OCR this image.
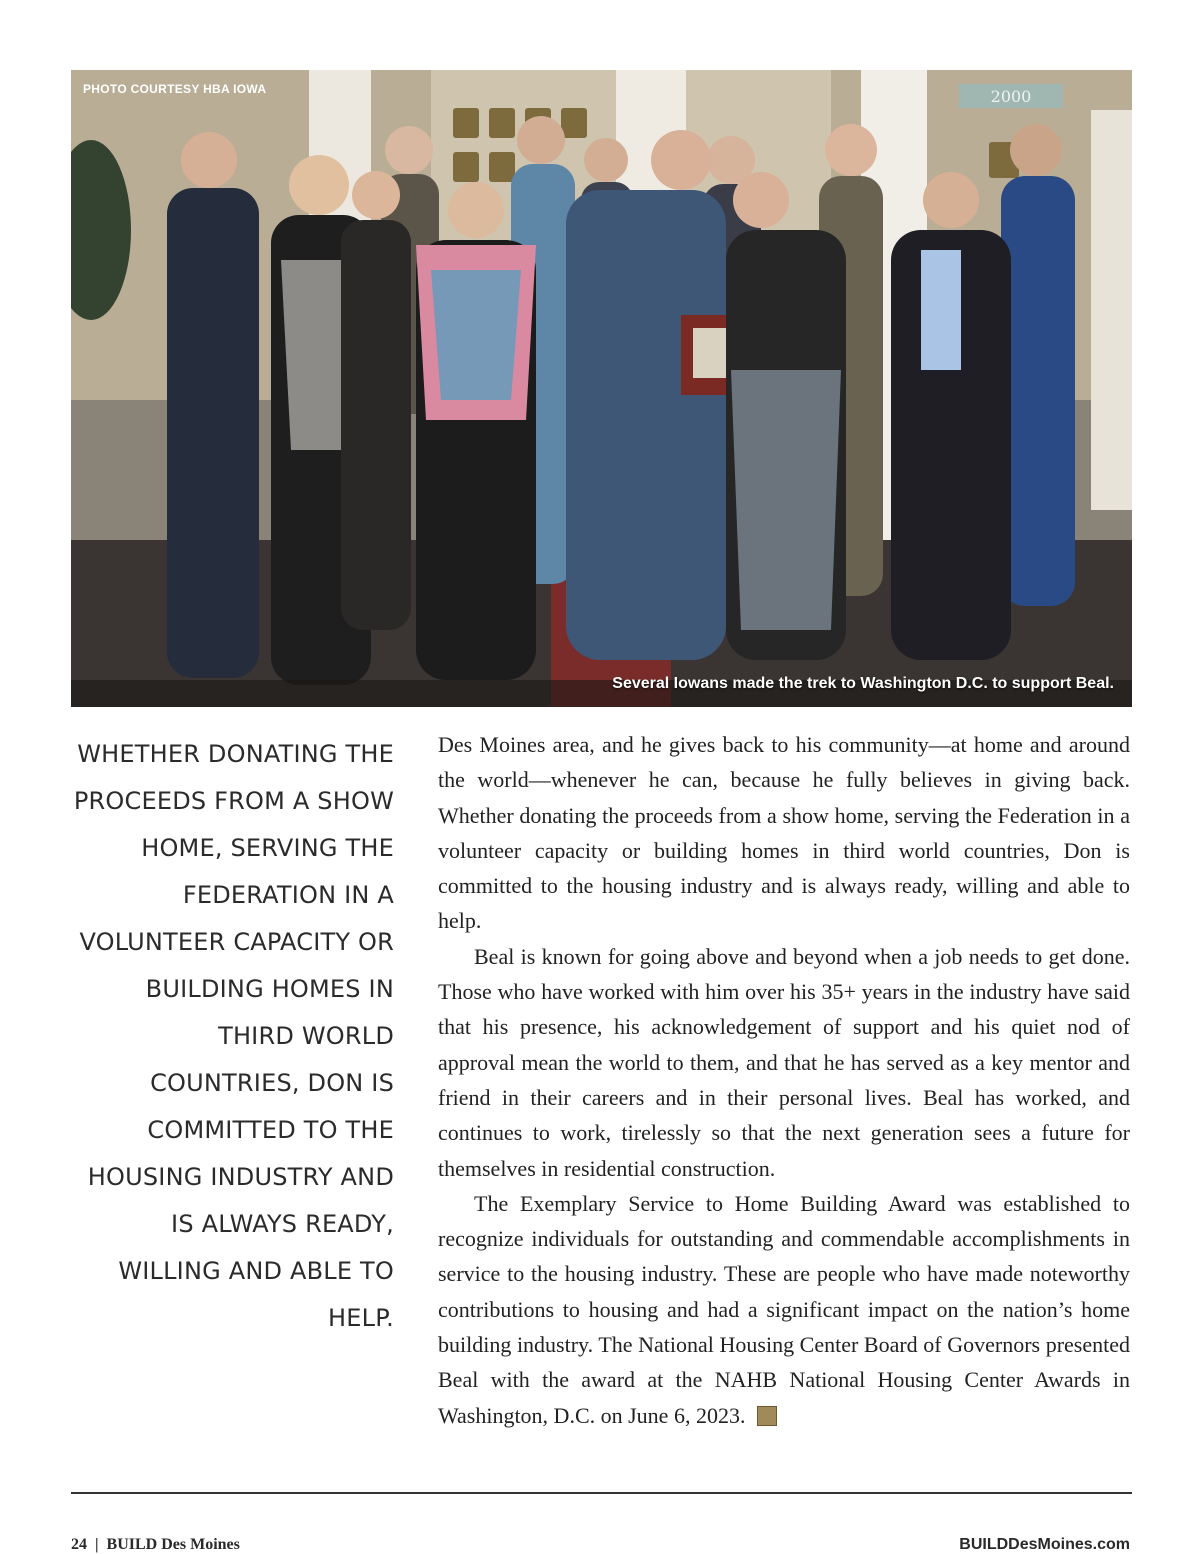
2000
PHOTO COURTESY HBA IOWA
Several Iowans made the trek to Washington D.C. to support Beal.
WHETHER DONATING THE PROCEEDS FROM A SHOW HOME, SERVING THE FEDERATION IN A VOLUNTEER CAPACITY OR BUILDING HOMES IN THIRD WORLD COUNTRIES, DON IS COMMITTED TO THE HOUSING INDUSTRY AND IS ALWAYS READY, WILLING AND ABLE TO HELP.

Des Moines area, and he gives back to his community—at home and around the world—whenever he can, because he fully believes in giving back. Whether donating the proceeds from a show home, serving the Federation in a volunteer capacity or building homes in third world countries, Don is committed to the housing industry and is always ready, willing and able to help.

Beal is known for going above and beyond when a job needs to get done. Those who have worked with him over his 35+ years in the industry have said that his presence, his acknowledgement of support and his quiet nod of approval mean the world to them, and that he has served as a key mentor and friend in their careers and in their personal lives. Beal has worked, and continues to work, tirelessly so that the next generation sees a future for themselves in residential construction.

The Exemplary Service to Home Building Award was established to recognize individuals for outstanding and commendable accomplishments in service to the housing industry. These are people who have made noteworthy contributions to housing and had a significant impact on the nation’s home building industry. The National Housing Center Board of Governors presented Beal with the award at the NAHB National Housing Center Awards in Washington, D.C. on June 6, 2023.	B

24 | BUILD Des Moines	BUILDDesMoines.com
